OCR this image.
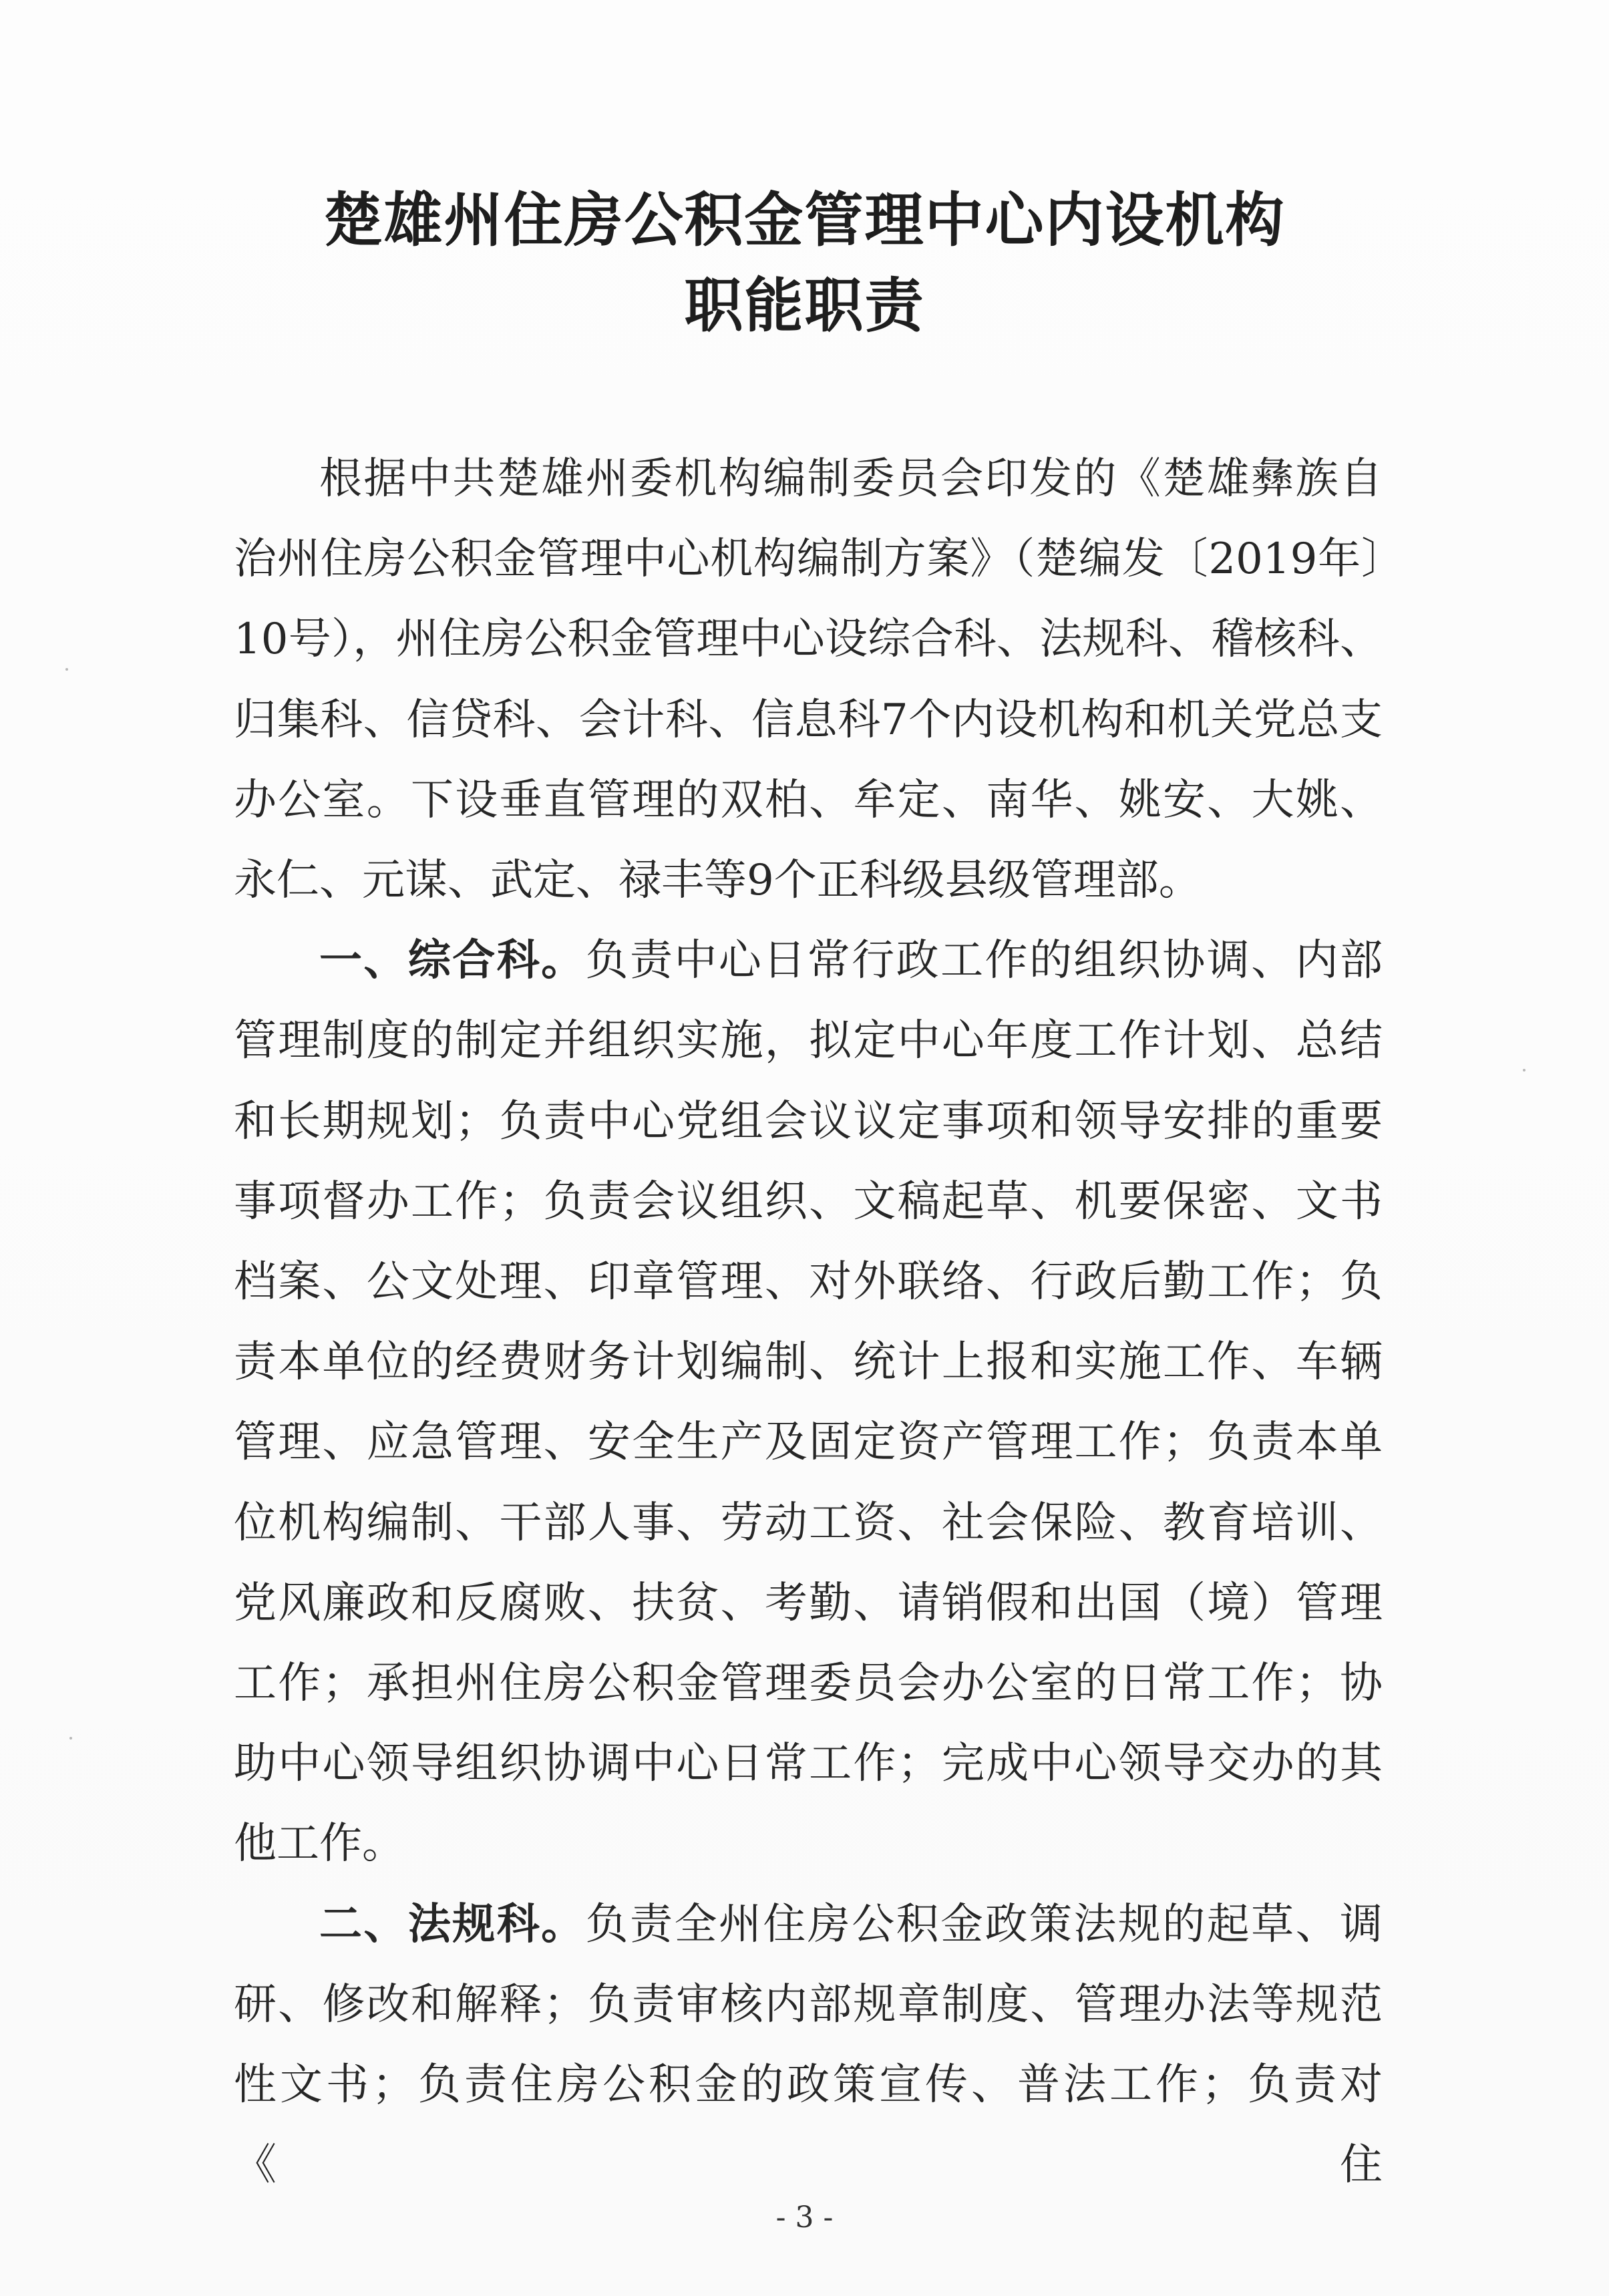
楚雄州住房公积金管理中心内设机构
职能职责

根据中共楚雄州委机构编制委员会印发的《楚雄彝族自治州住房公积金管理中心机构编制方案》（楚编发〔2019年〕10号），州住房公积金管理中心设综合科、法规科、稽核科、归集科、信贷科、会计科、信息科7个内设机构和机关党总支办公室。下设垂直管理的双柏、牟定、南华、姚安、大姚、永仁、元谋、武定、禄丰等9个正科级县级管理部。

一、综合科。负责中心日常行政工作的组织协调、内部管理制度的制定并组织实施，拟定中心年度工作计划、总结和长期规划；负责中心党组会议议定事项和领导安排的重要事项督办工作；负责会议组织、文稿起草、机要保密、文书档案、公文处理、印章管理、对外联络、行政后勤工作；负责本单位的经费财务计划编制、统计上报和实施工作、车辆管理、应急管理、安全生产及固定资产管理工作；负责本单位机构编制、干部人事、劳动工资、社会保险、教育培训、党风廉政和反腐败、扶贫、考勤、请销假和出国（境）管理工作；承担州住房公积金管理委员会办公室的日常工作；协助中心领导组织协调中心日常工作；完成中心领导交办的其他工作。

二、法规科。负责全州住房公积金政策法规的起草、调研、修改和解释；负责审核内部规章制度、管理办法等规范性文书；负责住房公积金的政策宣传、普法工作；负责对《住

- 3 -
